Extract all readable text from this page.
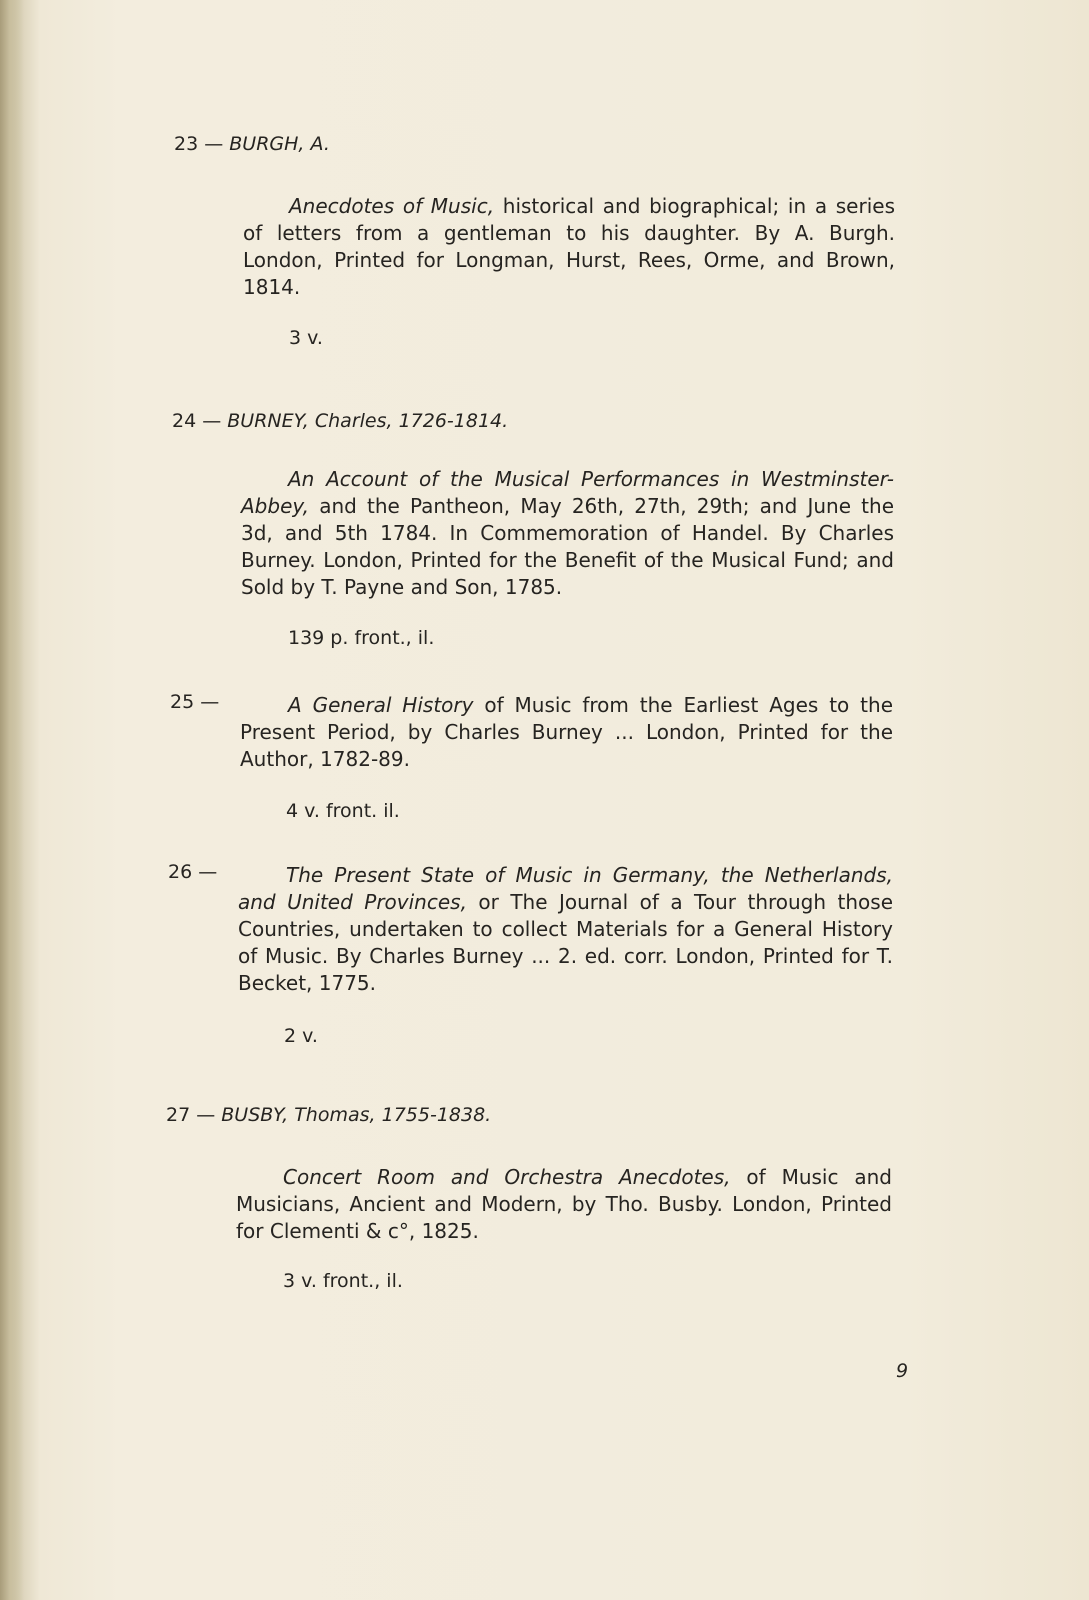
23 — BURGH, A.
Anecdotes of Music, historical and biographical; in a series of letters from a gentleman to his daughter. By A. Burgh. London, Printed for Longman, Hurst, Rees, Orme, and Brown, 1814.
3 v.
24 — BURNEY, Charles, 1726-1814.
An Account of the Musical Performances in Westminster-Abbey, and the Pantheon, May 26th, 27th, 29th; and June the 3d, and 5th 1784. In Commemoration of Handel. By Charles Burney. London, Printed for the Benefit of the Musical Fund; and Sold by T. Payne and Son, 1785.
139 p. front., il.
25 —	A General History of Music from the Earliest Ages to the Present Period, by Charles Burney ... London, Printed for the Author, 1782-89.
4 v. front. il.
26 —	The Present State of Music in Germany, the Netherlands, and United Provinces, or The Journal of a Tour through those Countries, undertaken to collect Materials for a General History of Music. By Charles Burney ... 2. ed. corr. London, Printed for T. Becket, 1775.
2 v.
27 — BUSBY, Thomas, 1755-1838.
Concert Room and Orchestra Anecdotes, of Music and Musicians, Ancient and Modern, by Tho. Busby. London, Printed for Clementi & c°, 1825.
3 v. front., il.
9
